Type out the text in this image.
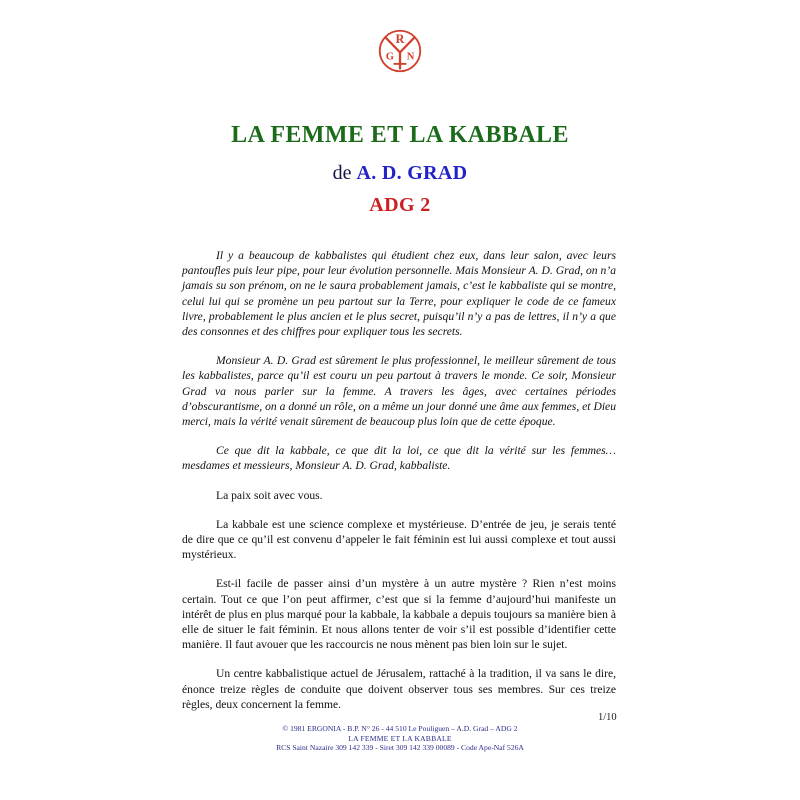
R
G N
LA FEMME ET LA KABBALE
de A. D. GRAD
ADG 2

Il y a beaucoup de kabbalistes qui étudient chez eux, dans leur salon, avec leurs pantoufles puis leur pipe, pour leur évolution personnelle. Mais Monsieur A. D. Grad, on n’a jamais su son prénom, on ne le saura probablement jamais, c’est le kabbaliste qui se montre, celui lui qui se promène un peu partout sur la Terre, pour expliquer le code de ce fameux livre, probablement le plus ancien et le plus secret, puisqu’il n’y a pas de lettres, il n’y a que des consonnes et des chiffres pour expliquer tous les secrets.

Monsieur A. D. Grad est sûrement le plus professionnel, le meilleur sûrement de tous les kabbalistes, parce qu’il est couru un peu partout à travers le monde. Ce soir, Monsieur Grad va nous parler sur la femme. A travers les âges, avec certaines périodes d’obscurantisme, on a donné un rôle, on a même un jour donné une âme aux femmes, et Dieu merci, mais la vérité venait sûrement de beaucoup plus loin que de cette époque.

Ce que dit la kabbale, ce que dit la loi, ce que dit la vérité sur les femmes… mesdames et messieurs, Monsieur A. D. Grad, kabbaliste.

La paix soit avec vous.

La kabbale est une science complexe et mystérieuse. D’entrée de jeu, je serais tenté de dire que ce qu’il est convenu d’appeler le fait féminin est lui aussi complexe et tout aussi mystérieux.

Est-il facile de passer ainsi d’un mystère à un autre mystère ? Rien n’est moins certain. Tout ce que l’on peut affirmer, c’est que si la femme d’aujourd’hui manifeste un intérêt de plus en plus marqué pour la kabbale, la kabbale a depuis toujours sa manière bien à elle de situer le fait féminin. Et nous allons tenter de voir s’il est possible d’identifier cette manière. Il faut avouer que les raccourcis ne nous mènent pas bien loin sur le sujet.

Un centre kabbalistique actuel de Jérusalem, rattaché à la tradition, il va sans le dire, énonce treize règles de conduite que doivent observer tous ses membres. Sur ces treize règles, deux concernent la femme.

1/10
© 1981 ERGONIA - B.P. N° 26 - 44 510 Le Pouliguen – A.D. Grad – ADG 2
LA FEMME ET LA KABBALE
RCS Saint Nazaire 309 142 339 - Siret 309 142 339 00089 - Code Ape-Naf 526A
